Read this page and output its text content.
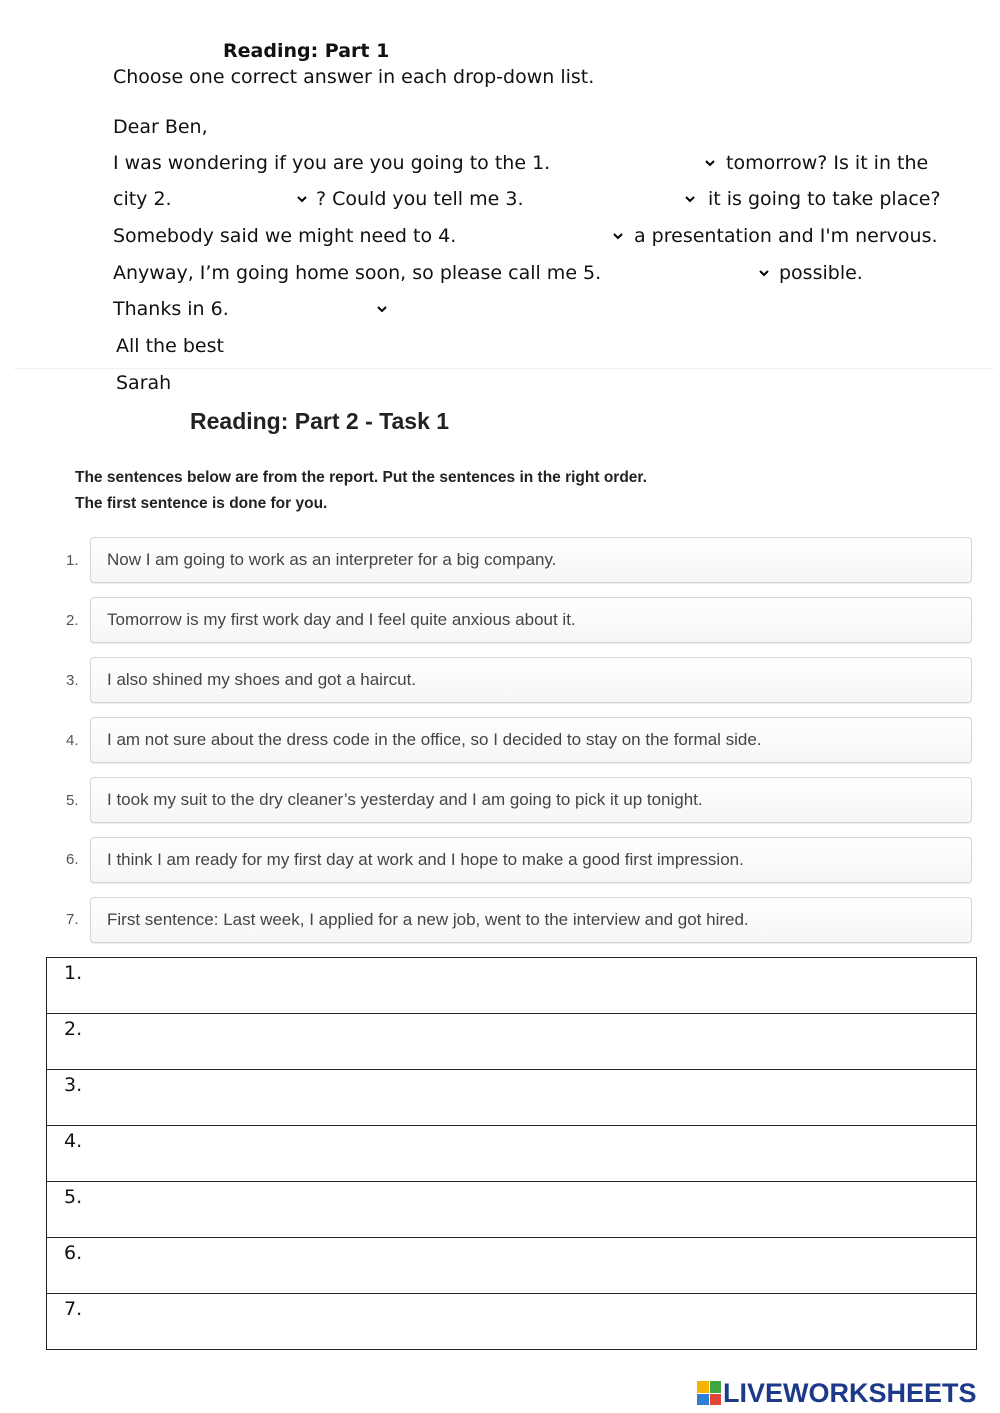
Reading: Part 1
Choose one correct answer in each drop-down list.
Dear Ben,
I was wondering if you are you going to the 1.	tomorrow? Is it in the
city 2.	? Could you tell me 3.	it is going to take place?
Somebody said we might need to 4.	a presentation and I'm nervous.
Anyway, I’m going home soon, so please call me 5.	possible.
Thanks in 6.
All the best
Sarah
Reading: Part 2 - Task 1
The sentences below are from the report. Put the sentences in the right order.
The first sentence is done for you.
1. Now I am going to work as an interpreter for a big company.
2. Tomorrow is my first work day and I feel quite anxious about it.
3. I also shined my shoes and got a haircut.
4. I am not sure about the dress code in the office, so I decided to stay on the formal side.
5. I took my suit to the dry cleaner’s yesterday and I am going to pick it up tonight.
6. I think I am ready for my first day at work and I hope to make a good first impression.
7. First sentence: Last week, I applied for a new job, went to the interview and got hired.
1.
2.
3.
4.
5.
6.
7.
LIVEWORKSHEETS
